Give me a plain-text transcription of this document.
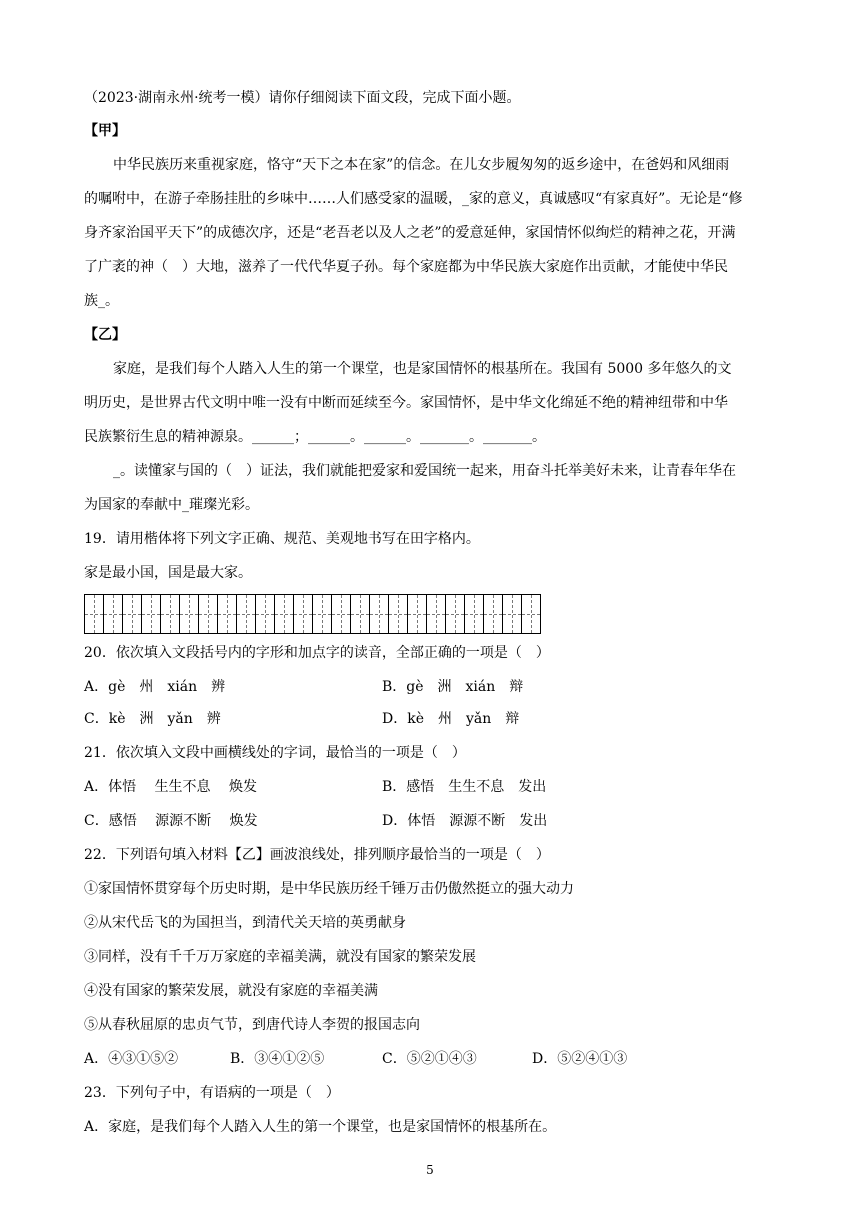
（2023·湖南永州·统考一模）请你仔细阅读下面文段，完成下面小题。
【甲】
中华民族历来重视家庭，恪守“天下之本在家”的信念。在儿女步履匆匆的返乡途中，在爸妈和风细雨
的嘱咐中，在游子牵肠挂肚的乡味中……人们感受家的温暖，_家的意义，真诚感叹“有家真好”。无论是“修
身齐家治国平天下”的成德次序，还是“老吾老以及人之老”的爱意延伸，家国情怀似绚烂的精神之花，开满
了广袤的神（　）大地，滋养了一代代华夏子孙。每个家庭都为中华民族大家庭作出贡献，才能使中华民
族_。
【乙】
家庭，是我们每个人踏入人生的第一个课堂，也是家国情怀的根基所在。我国有 5000 多年悠久的文
明历史，是世界古代文明中唯一没有中断而延续至今。家国情怀，是中华文化绵延不绝的精神纽带和中华
民族繁衍生息的精神源泉。______；______。______。_______。_______。
_。读懂家与国的（　）证法，我们就能把爱家和爱国统一起来，用奋斗托举美好未来，让青春年华在
为国家的奉献中_璀璨光彩。
19．请用楷体将下列文字正确、规范、美观地书写在田字格内。
家是最小国，国是最大家。
20．依次填入文段括号内的字形和加点字的读音，全部正确的一项是（　）
A．gè　州　xián　辨	B．gè　洲　xián　辩
C．kè　洲　yǎn　辨	D．kè　州　yǎn　辩
21．依次填入文段中画横线处的字词，最恰当的一项是（　）
A．体悟　 生生不息　 焕发	B．感悟　生生不息　发出
C．感悟　 源源不断　 焕发	D．体悟　源源不断　发出
22．下列语句填入材料【乙】画波浪线处，排列顺序最恰当的一项是（　）
①家国情怀贯穿每个历史时期，是中华民族历经千锤万击仍傲然挺立的强大动力
②从宋代岳飞的为国担当，到清代关天培的英勇献身
③同样，没有千千万万家庭的幸福美满，就没有国家的繁荣发展
④没有国家的繁荣发展，就没有家庭的幸福美满
⑤从春秋屈原的忠贞气节，到唐代诗人李贺的报国志向
A．④③①⑤②	B．③④①②⑤	C．⑤②①④③	D．⑤②④①③
23．下列句子中，有语病的一项是（　）
A．家庭，是我们每个人踏入人生的第一个课堂，也是家国情怀的根基所在。
5
